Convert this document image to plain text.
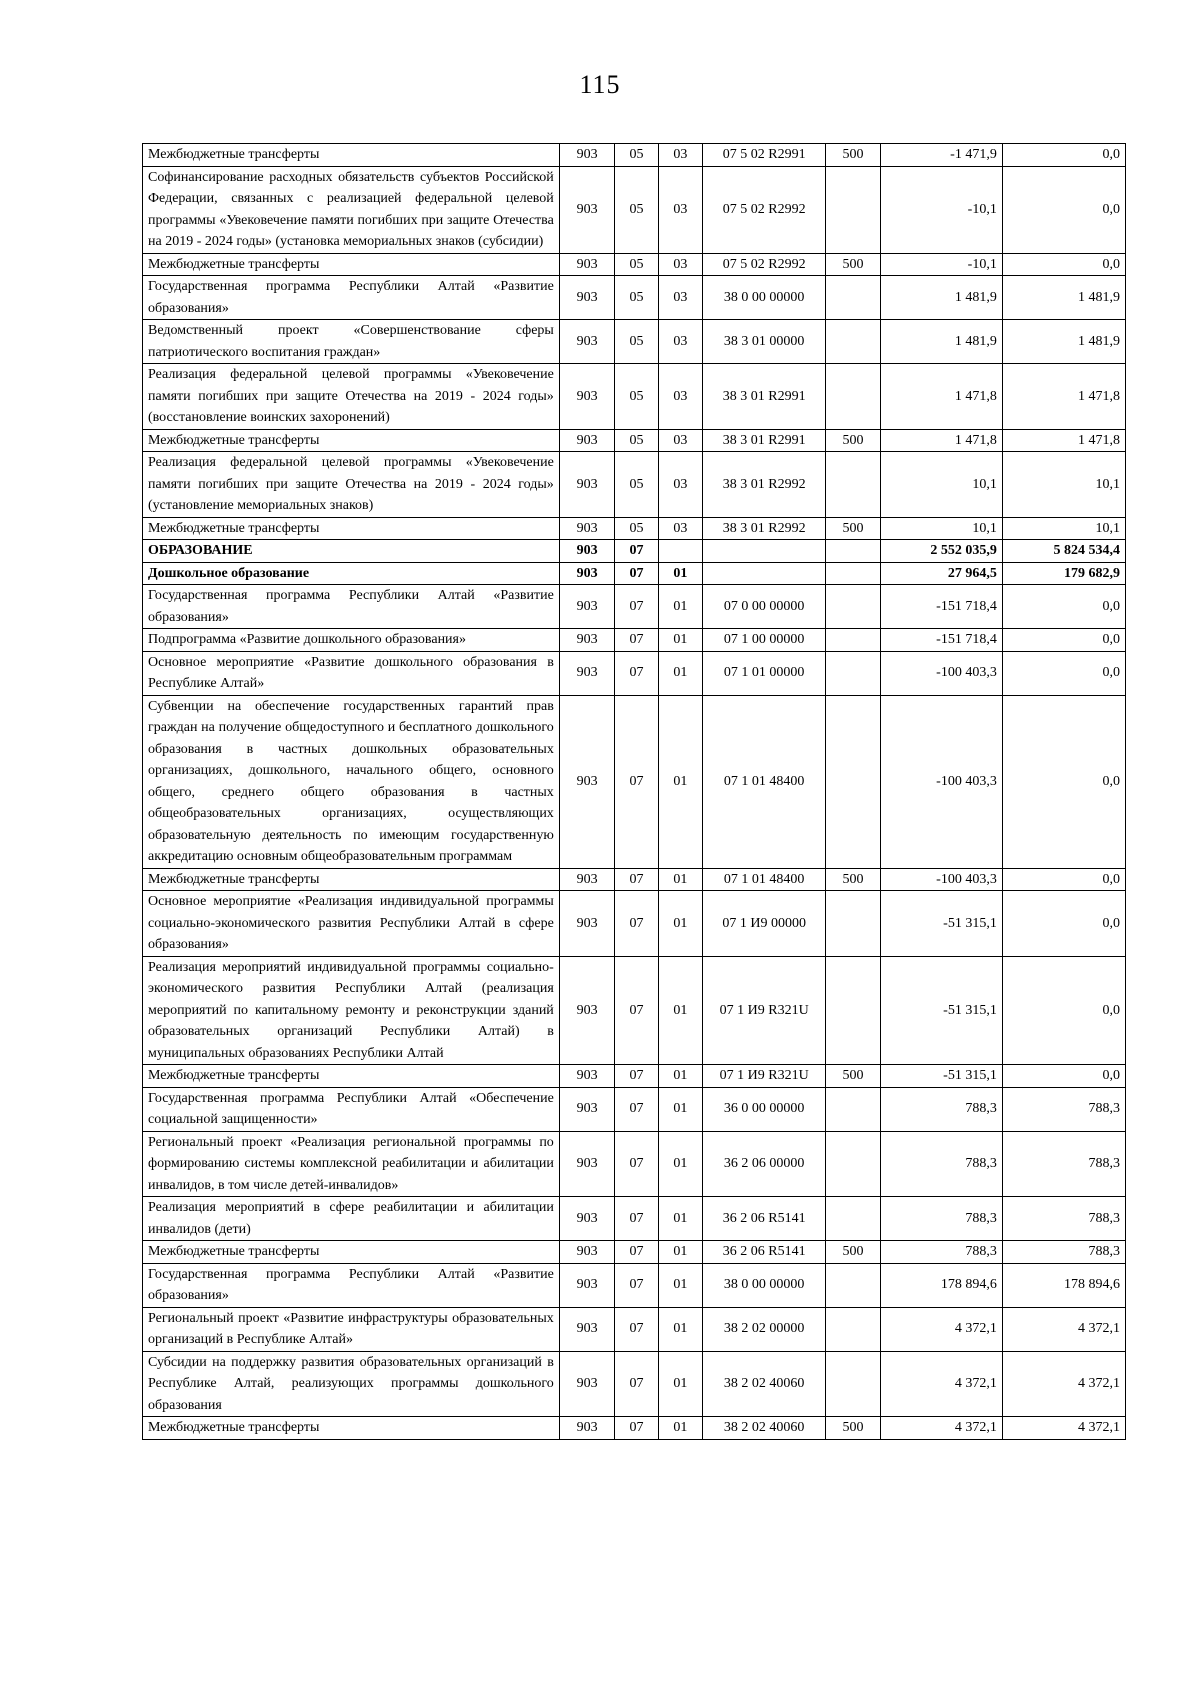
115
Межбюджетные трансферты	903	05	03	07 5 02 R2991	500	-1 471,9	0,0
Софинансирование расходных обязательств субъектов Российской Федерации, связанных с реализацией федеральной целевой программы «Увековечение памяти погибших при защите Отечества на 2019 - 2024 годы» (установка мемориальных знаков (субсидии)	903	05	03	07 5 02 R2992		-10,1	0,0
Межбюджетные трансферты	903	05	03	07 5 02 R2992	500	-10,1	0,0
Государственная программа Республики Алтай «Развитие образования»	903	05	03	38 0 00 00000		1 481,9	1 481,9
Ведомственный проект «Совершенствование сферы патриотического воспитания граждан»	903	05	03	38 3 01 00000		1 481,9	1 481,9
Реализация федеральной целевой программы «Увековечение памяти погибших при защите Отечества на 2019 - 2024 годы» (восстановление воинских захоронений)	903	05	03	38 3 01 R2991		1 471,8	1 471,8
Межбюджетные трансферты	903	05	03	38 3 01 R2991	500	1 471,8	1 471,8
Реализация федеральной целевой программы «Увековечение памяти погибших при защите Отечества на 2019 - 2024 годы» (установление мемориальных знаков)	903	05	03	38 3 01 R2992		10,1	10,1
Межбюджетные трансферты	903	05	03	38 3 01 R2992	500	10,1	10,1
ОБРАЗОВАНИЕ	903	07				2 552 035,9	5 824 534,4
Дошкольное образование	903	07	01			27 964,5	179 682,9
Государственная программа Республики Алтай «Развитие образования»	903	07	01	07 0 00 00000		-151 718,4	0,0
Подпрограмма «Развитие дошкольного образования»	903	07	01	07 1 00 00000		-151 718,4	0,0
Основное мероприятие «Развитие дошкольного образования в Республике Алтай»	903	07	01	07 1 01 00000		-100 403,3	0,0
Субвенции на обеспечение государственных гарантий прав граждан на получение общедоступного и бесплатного дошкольного образования в частных дошкольных образовательных организациях, дошкольного, начального общего, основного общего, среднего общего образования в частных общеобразовательных организациях, осуществляющих образовательную деятельность по имеющим государственную аккредитацию основным общеобразовательным программам	903	07	01	07 1 01 48400		-100 403,3	0,0
Межбюджетные трансферты	903	07	01	07 1 01 48400	500	-100 403,3	0,0
Основное мероприятие «Реализация индивидуальной программы социально-экономического развития Республики Алтай в сфере образования»	903	07	01	07 1 И9 00000		-51 315,1	0,0
Реализация мероприятий индивидуальной программы социально-экономического развития Республики Алтай (реализация мероприятий по капитальному ремонту и реконструкции зданий образовательных организаций Республики Алтай) в муниципальных образованиях Республики Алтай	903	07	01	07 1 И9 R321U		-51 315,1	0,0
Межбюджетные трансферты	903	07	01	07 1 И9 R321U	500	-51 315,1	0,0
Государственная программа Республики Алтай «Обеспечение социальной защищенности»	903	07	01	36 0 00 00000		788,3	788,3
Региональный проект «Реализация региональной программы по формированию системы комплексной реабилитации и абилитации инвалидов, в том числе детей-инвалидов»	903	07	01	36 2 06 00000		788,3	788,3
Реализация мероприятий в сфере реабилитации и абилитации инвалидов (дети)	903	07	01	36 2 06 R5141		788,3	788,3
Межбюджетные трансферты	903	07	01	36 2 06 R5141	500	788,3	788,3
Государственная программа Республики Алтай «Развитие образования»	903	07	01	38 0 00 00000		178 894,6	178 894,6
Региональный проект «Развитие инфраструктуры образовательных организаций в Республике Алтай»	903	07	01	38 2 02 00000		4 372,1	4 372,1
Субсидии на поддержку развития образовательных организаций в Республике Алтай, реализующих программы дошкольного образования	903	07	01	38 2 02 40060		4 372,1	4 372,1
Межбюджетные трансферты	903	07	01	38 2 02 40060	500	4 372,1	4 372,1
